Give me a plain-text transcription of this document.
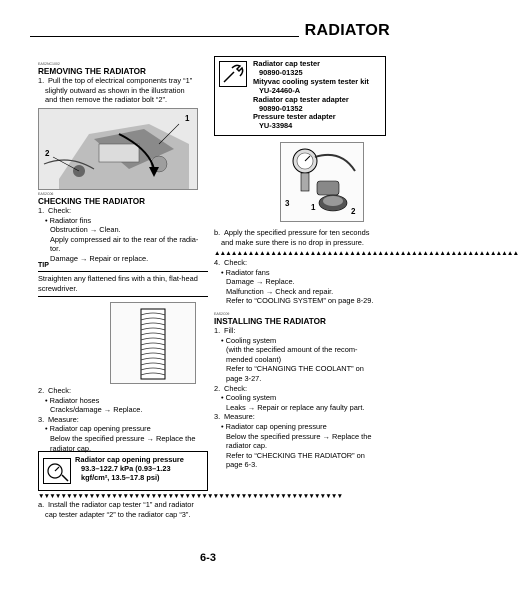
RADIATOR
EAS2NC1002
REMOVING THE RADIATOR
1. Pull the top of electrical components tray “1”
slightly outward as shown in the illustration
and then remove the radiator bolt “2”.
1
2
EAS2C06
CHECKING THE RADIATOR
1. Check:
• Radiator fins
Obstruction → Clean.
Apply compressed air to the rear of the radia-
tor.
Damage → Repair or replace.
TIP
Straighten any flattened fins with a thin, flat-head
screwdriver.
2. Check:
• Radiator hoses
Cracks/damage → Replace.
3. Measure:
• Radiator cap opening pressure
Below the specified pressure → Replace the
radiator cap.
Radiator cap opening pressure
93.3–122.7 kPa (0.93–1.23
kgf/cm², 13.5–17.8 psi)
▼▼▼▼▼▼▼▼▼▼▼▼▼▼▼▼▼▼▼▼▼▼▼▼▼▼▼▼▼▼▼▼▼▼▼▼▼▼▼▼▼▼▼▼▼▼▼▼▼▼▼▼▼▼
a. Install the radiator cap tester “1” and radiator
cap tester adapter “2” to the radiator cap “3”.
Radiator cap tester
90890-01325
Mityvac cooling system tester kit
YU-24460-A
Radiator cap tester adapter
90890-01352
Pressure tester adapter
YU-33984
3	1	2
b. Apply the specified pressure for ten seconds
and make sure there is no drop in pressure.
▲▲▲▲▲▲▲▲▲▲▲▲▲▲▲▲▲▲▲▲▲▲▲▲▲▲▲▲▲▲▲▲▲▲▲▲▲▲▲▲▲▲▲▲▲▲▲▲▲▲▲▲▲▲
4. Check:
• Radiator fans
Damage → Replace.
Malfunction → Check and repair.
Refer to “COOLING SYSTEM” on page 8-29.
EAS2C09
INSTALLING THE RADIATOR
1. Fill:
• Cooling system
(with the specified amount of the recom-
mended coolant)
Refer to “CHANGING THE COOLANT” on
page 3-27.
2. Check:
• Cooling system
Leaks → Repair or replace any faulty part.
3. Measure:
• Radiator cap opening pressure
Below the specified pressure → Replace the
radiator cap.
Refer to “CHECKING THE RADIATOR” on
page 6-3.
6-3
